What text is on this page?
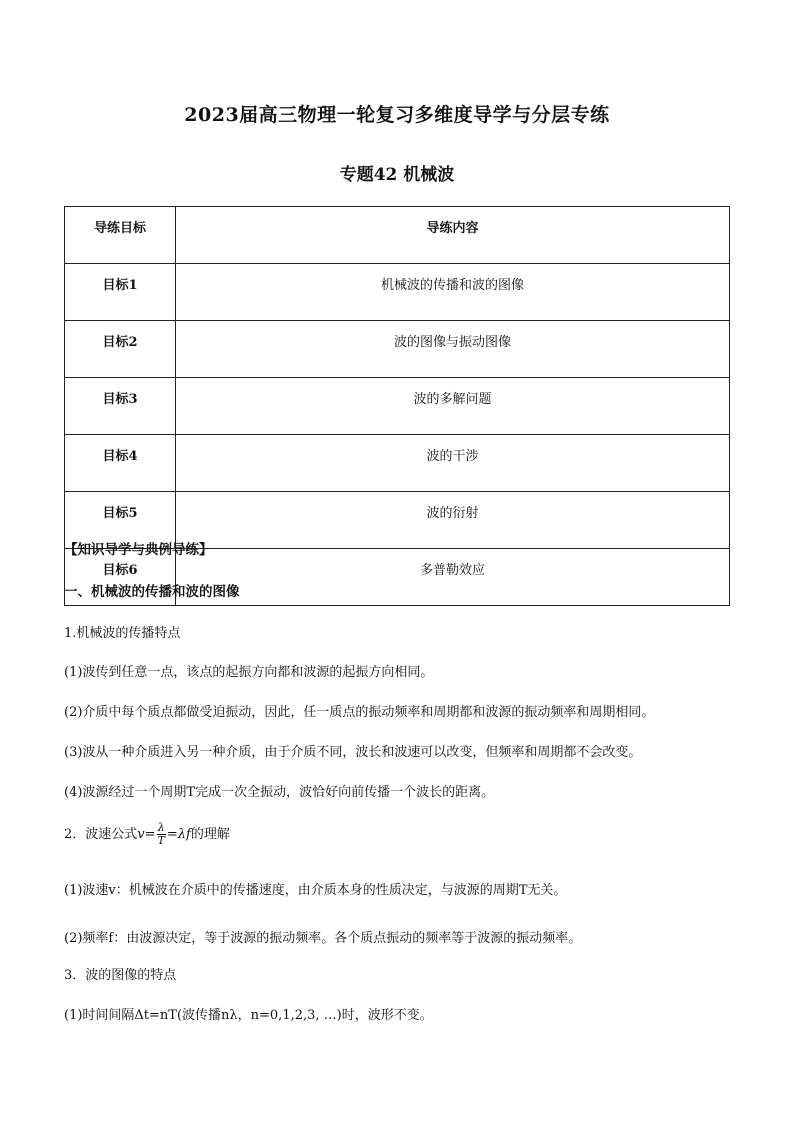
2023届高三物理一轮复习多维度导学与分层专练
专题42 机械波
导练目标	导练内容
目标1	机械波的传播和波的图像
目标2	波的图像与振动图像
目标3	波的多解问题
目标4	波的干涉
目标5	波的衍射
目标6	多普勒效应
【知识导学与典例导练】
一、机械波的传播和波的图像
1.机械波的传播特点
(1)波传到任意一点，该点的起振方向都和波源的起振方向相同。
(2)介质中每个质点都做受迫振动，因此，任一质点的振动频率和周期都和波源的振动频率和周期相同。
(3)波从一种介质进入另一种介质，由于介质不同，波长和波速可以改变，但频率和周期都不会改变。
(4)波源经过一个周期T完成一次全振动，波恰好向前传播一个波长的距离。
2．波速公式$v= \frac{\lambda}{T} =\lambda f$的理解
(1)波速v：机械波在介质中的传播速度，由介质本身的性质决定，与波源的周期T无关。
(2)频率f：由波源决定，等于波源的振动频率。各个质点振动的频率等于波源的振动频率。
3．波的图像的特点
(1)时间间隔Δt=nT(波传播nλ，n=0,1,2,3, …)时，波形不变。
